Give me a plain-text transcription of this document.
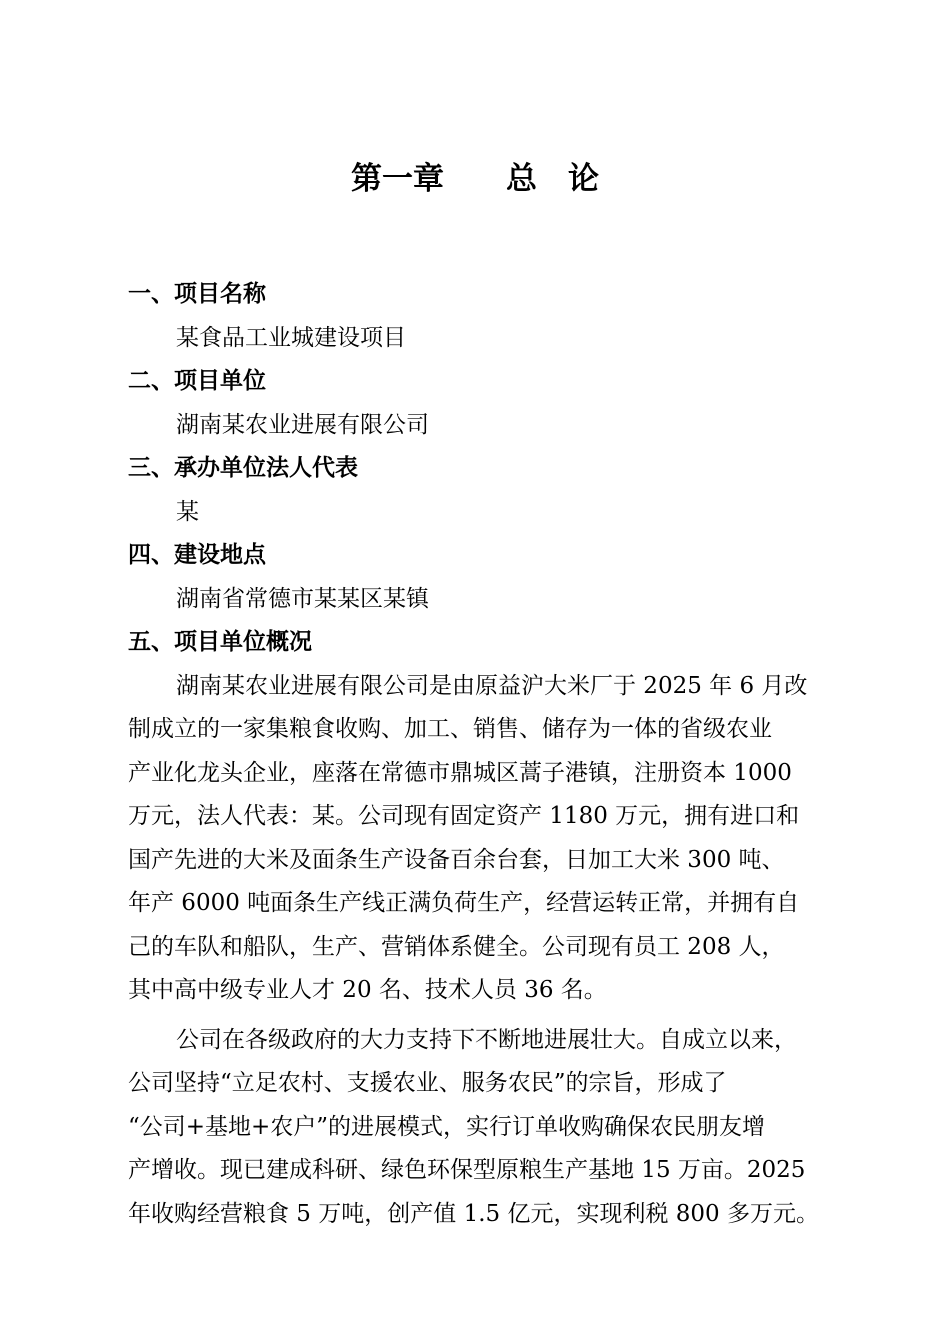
第一章　　总　论
一、项目名称
某食品工业城建设项目
二、项目单位
湖南某农业进展有限公司
三、承办单位法人代表
某
四、建设地点
湖南省常德市某某区某镇
五、项目单位概况
湖南某农业进展有限公司是由原益沪大米厂于 2025 年 6 月改
制成立的一家集粮食收购、加工、销售、储存为一体的省级农业
产业化龙头企业，座落在常德市鼎城区蒿子港镇，注册资本 1000
万元，法人代表：某。公司现有固定资产 1180 万元，拥有进口和
国产先进的大米及面条生产设备百余台套，日加工大米 300 吨、
年产 6000 吨面条生产线正满负荷生产，经营运转正常，并拥有自
己的车队和船队，生产、营销体系健全。公司现有员工 208 人，
其中高中级专业人才 20 名、技术人员 36 名。
公司在各级政府的大力支持下不断地进展壮大。自成立以来，
公司坚持“立足农村、支援农业、服务农民”的宗旨，形成了
“公司+基地+农户”的进展模式，实行订单收购确保农民朋友增
产增收。现已建成科研、绿色环保型原粮生产基地 15 万亩。2025
年收购经营粮食 5 万吨，创产值 1.5 亿元，实现利税 800 多万元。
